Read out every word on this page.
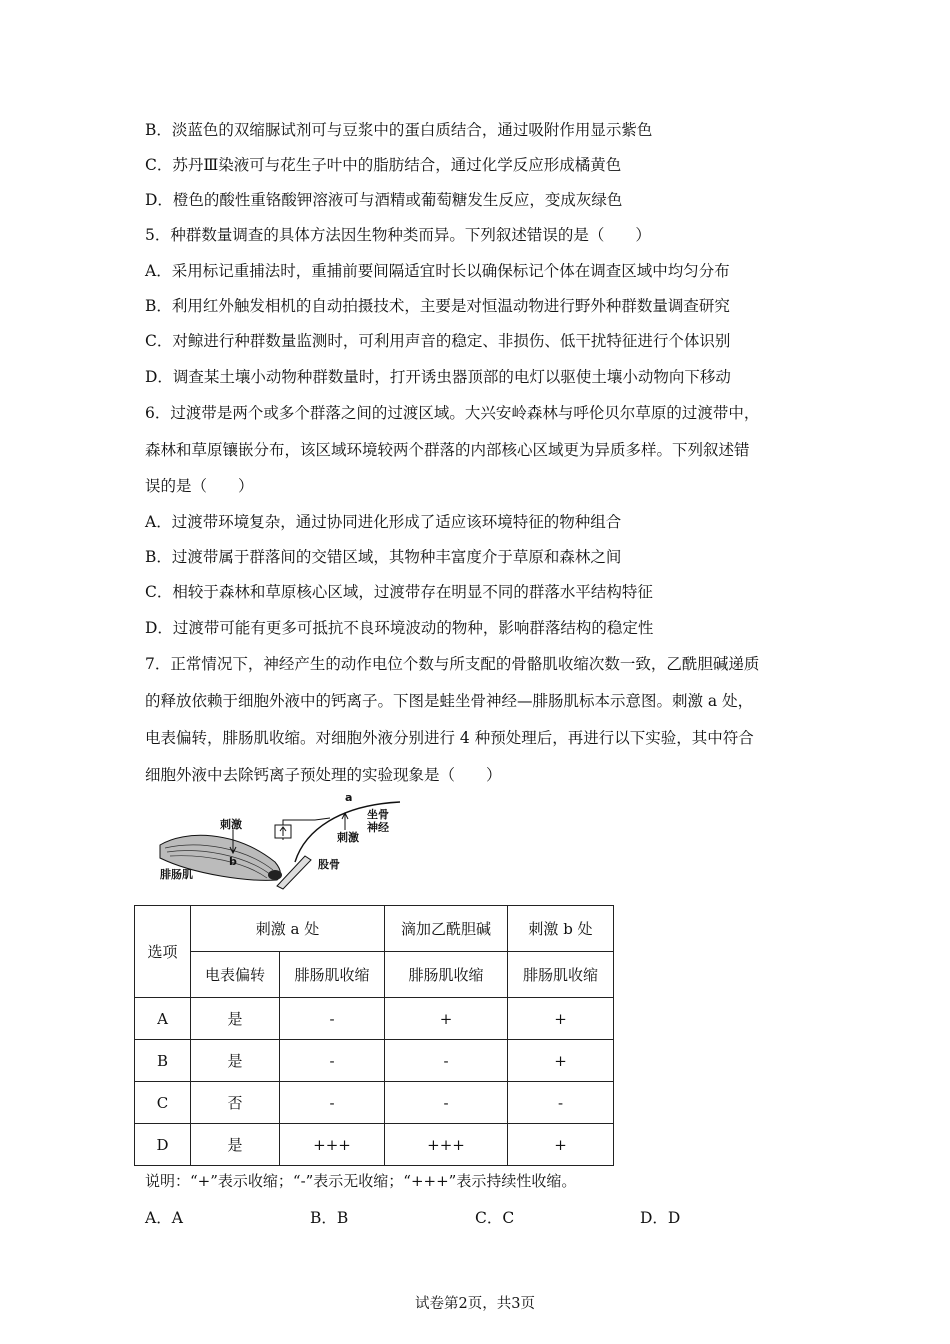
B．淡蓝色的双缩脲试剂可与豆浆中的蛋白质结合，通过吸附作用显示紫色
C．苏丹Ⅲ染液可与花生子叶中的脂肪结合，通过化学反应形成橘黄色
D．橙色的酸性重铬酸钾溶液可与酒精或葡萄糖发生反应，变成灰绿色
5．种群数量调查的具体方法因生物种类而异。下列叙述错误的是（　　）
A．采用标记重捕法时，重捕前要间隔适宜时长以确保标记个体在调查区域中均匀分布
B．利用红外触发相机的自动拍摄技术，主要是对恒温动物进行野外种群数量调查研究
C．对鲸进行种群数量监测时，可利用声音的稳定、非损伤、低干扰特征进行个体识别
D．调查某土壤小动物种群数量时，打开诱虫器顶部的电灯以驱使土壤小动物向下移动
6．过渡带是两个或多个群落之间的过渡区域。大兴安岭森林与呼伦贝尔草原的过渡带中，
森林和草原镶嵌分布，该区域环境较两个群落的内部核心区域更为异质多样。下列叙述错
误的是（　　）
A．过渡带环境复杂，通过协同进化形成了适应该环境特征的物种组合
B．过渡带属于群落间的交错区域，其物种丰富度介于草原和森林之间
C．相较于森林和草原核心区域，过渡带存在明显不同的群落水平结构特征
D．过渡带可能有更多可抵抗不良环境波动的物种，影响群落结构的稳定性
7．正常情况下，神经产生的动作电位个数与所支配的骨骼肌收缩次数一致，乙酰胆碱递质
的释放依赖于细胞外液中的钙离子。下图是蛙坐骨神经—腓肠肌标本示意图。刺激 a 处，
电表偏转，腓肠肌收缩。对细胞外液分别进行 4 种预处理后，再进行以下实验，其中符合
细胞外液中去除钙离子预处理的实验现象是（　　）
a
b
刺激
刺激
坐骨
神经
股骨
腓肠肌
选项	刺激 a 处		滴加乙酰胆碱	刺激 b 处
	电表偏转	腓肠肌收缩	腓肠肌收缩	腓肠肌收缩
A	是	-	+	+
B	是	-	-	+
C	否	-	-	-
D	是	+++	+++	+
说明：“+”表示收缩；“-”表示无收缩；“+++”表示持续性收缩。
A．A	B．B	C．C	D．D
试卷第2页，共3页
